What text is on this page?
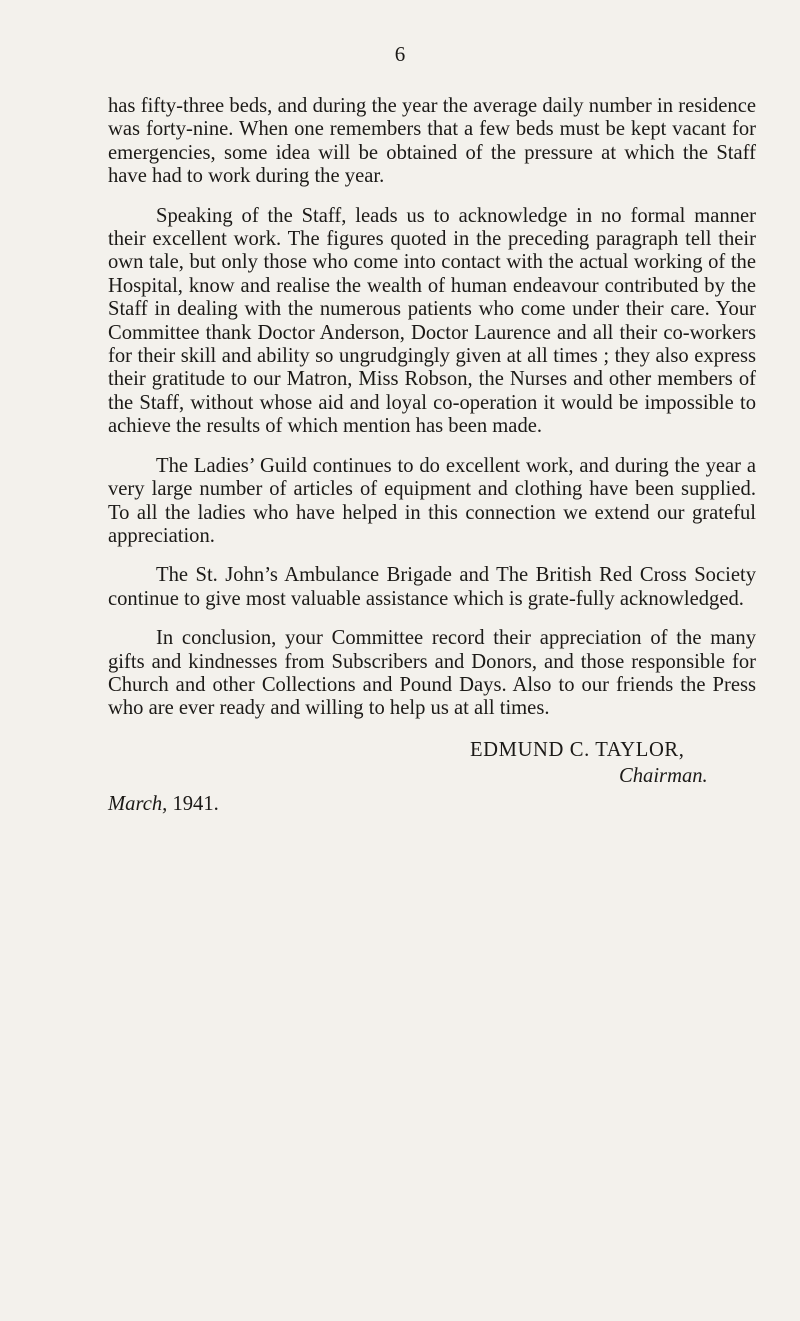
6

has fifty-three beds, and during the year the average daily number in residence was forty-nine. When one remembers that a few beds must be kept vacant for emergencies, some idea will be obtained of the pressure at which the Staff have had to work during the year.

Speaking of the Staff, leads us to acknowledge in no formal manner their excellent work. The figures quoted in the preceding paragraph tell their own tale, but only those who come into contact with the actual working of the Hospital, know and realise the wealth of human endeavour contributed by the Staff in dealing with the numerous patients who come under their care. Your Committee thank Doctor Anderson, Doctor Laurence and all their co-workers for their skill and ability so ungrudgingly given at all times ; they also express their gratitude to our Matron, Miss Robson, the Nurses and other members of the Staff, without whose aid and loyal co-operation it would be impossible to achieve the results of which mention has been made.

The Ladies’ Guild continues to do excellent work, and during the year a very large number of articles of equipment and clothing have been supplied. To all the ladies who have helped in this connection we extend our grateful appreciation.

The St. John’s Ambulance Brigade and The British Red Cross Society continue to give most valuable assistance which is grate-fully acknowledged.

In conclusion, your Committee record their appreciation of the many gifts and kindnesses from Subscribers and Donors, and those responsible for Church and other Collections and Pound Days. Also to our friends the Press who are ever ready and willing to help us at all times.

EDMUND C. TAYLOR,
Chairman.
March, 1941.
